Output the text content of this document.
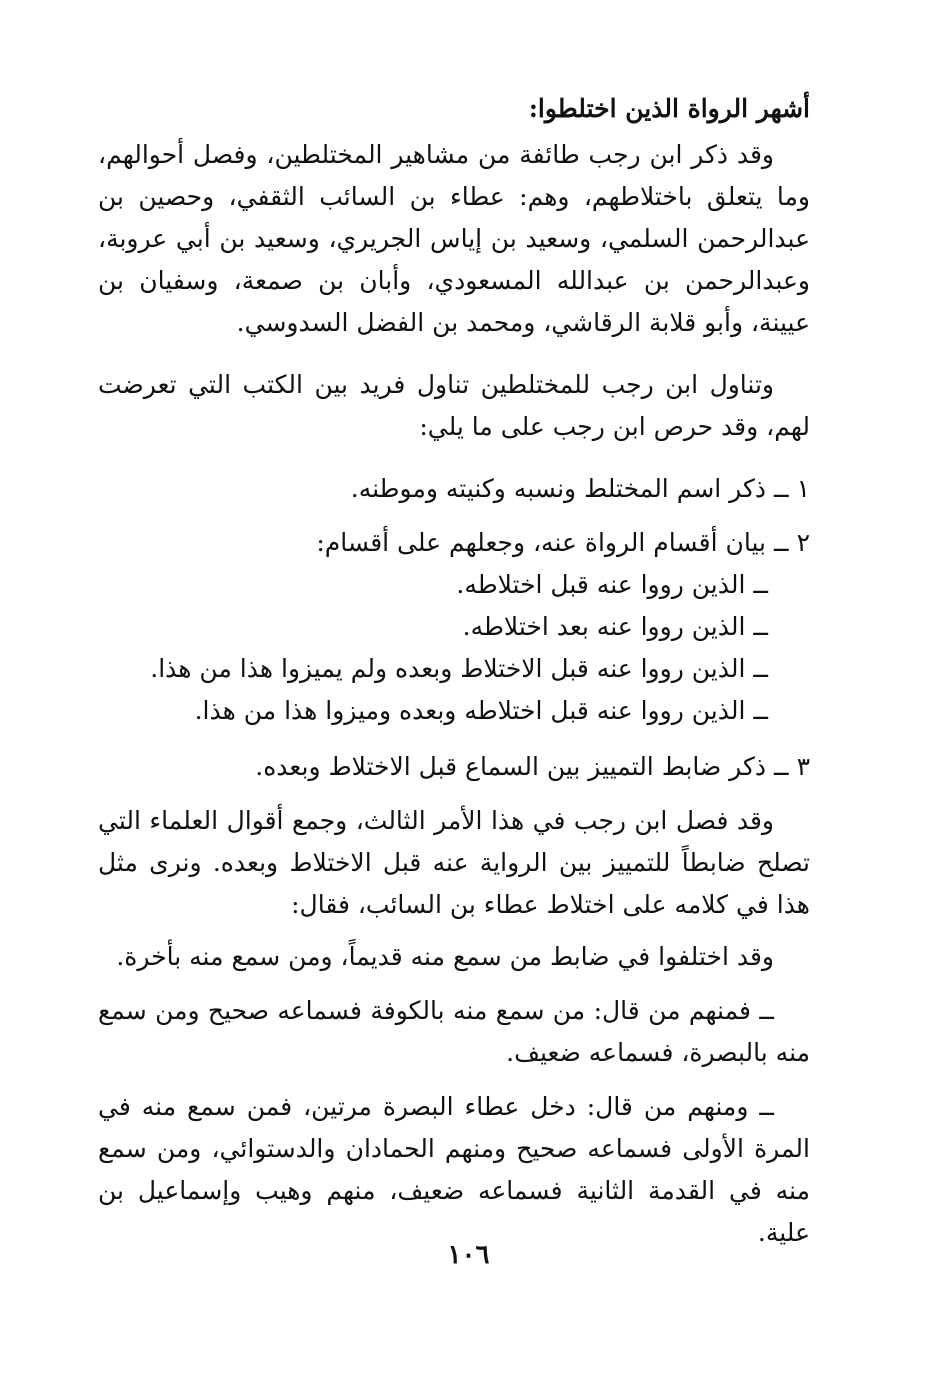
أشهر الرواة الذين اختلطوا:

وقد ذكر ابن رجب طائفة من مشاهير المختلطين، وفصل أحوالهم، وما يتعلق باختلاطهم، وهم: عطاء بن السائب الثقفي، وحصين بن عبدالرحمن السلمي، وسعيد بن إياس الجريري، وسعيد بن أبي عروبة، وعبدالرحمن بن عبدالله المسعودي، وأبان بن صمعة، وسفيان بن عيينة، وأبو قلابة الرقاشي، ومحمد بن الفضل السدوسي.

وتناول ابن رجب للمختلطين تناول فريد بين الكتب التي تعرضت لهم، وقد حرص ابن رجب على ما يلي:

١ ــ ذكر اسم المختلط ونسبه وكنيته وموطنه.

٢ ــ بيان أقسام الرواة عنه، وجعلهم على أقسام:

ــ الذين رووا عنه قبل اختلاطه.

ــ الذين رووا عنه بعد اختلاطه.

ــ الذين رووا عنه قبل الاختلاط وبعده ولم يميزوا هذا من هذا.

ــ الذين رووا عنه قبل اختلاطه وبعده وميزوا هذا من هذا.

٣ ــ ذكر ضابط التمييز بين السماع قبل الاختلاط وبعده.

وقد فصل ابن رجب في هذا الأمر الثالث، وجمع أقوال العلماء التي تصلح ضابطاً للتمييز بين الرواية عنه قبل الاختلاط وبعده. ونرى مثل هذا في كلامه على اختلاط عطاء بن السائب، فقال:

وقد اختلفوا في ضابط من سمع منه قديماً، ومن سمع منه بأخرة.

ــ فمنهم من قال: من سمع منه بالكوفة فسماعه صحيح ومن سمع منه بالبصرة، فسماعه ضعيف.

ــ ومنهم من قال: دخل عطاء البصرة مرتين، فمن سمع منه في المرة الأولى فسماعه صحيح ومنهم الحمادان والدستوائي، ومن سمع منه في القدمة الثانية فسماعه ضعيف، منهم وهيب وإسماعيل بن علية.

١٠٦
